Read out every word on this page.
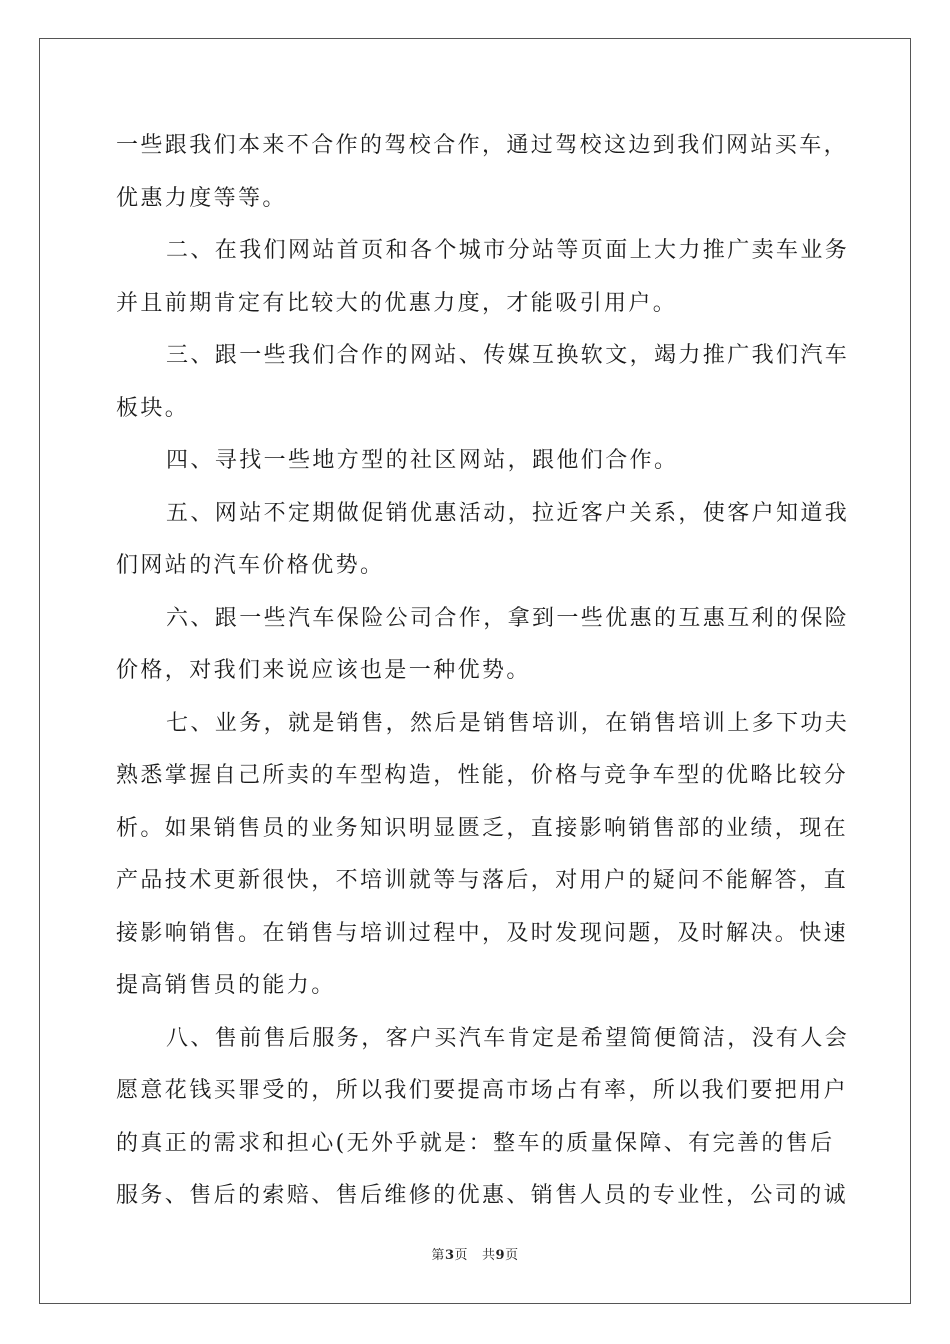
一些跟我们本来不合作的驾校合作，通过驾校这边到我们网站买车，
优惠力度等等。
二、在我们网站首页和各个城市分站等页面上大力推广卖车业务
并且前期肯定有比较大的优惠力度，才能吸引用户。
三、跟一些我们合作的网站、传媒互换软文，竭力推广我们汽车
板块。
四、寻找一些地方型的社区网站，跟他们合作。
五、网站不定期做促销优惠活动，拉近客户关系，使客户知道我
们网站的汽车价格优势。
六、跟一些汽车保险公司合作，拿到一些优惠的互惠互利的保险
价格，对我们来说应该也是一种优势。
七、业务，就是销售，然后是销售培训，在销售培训上多下功夫
熟悉掌握自己所卖的车型构造，性能，价格与竞争车型的优略比较分
析。如果销售员的业务知识明显匮乏，直接影响销售部的业绩，现在
产品技术更新很快，不培训就等与落后，对用户的疑问不能解答，直
接影响销售。在销售与培训过程中，及时发现问题，及时解决。快速
提高销售员的能力。
八、售前售后服务，客户买汽车肯定是希望简便简洁，没有人会
愿意花钱买罪受的，所以我们要提高市场占有率，所以我们要把用户
的真正的需求和担心(无外乎就是：整车的质量保障、有完善的售后
服务、售后的索赔、售后维修的优惠、销售人员的专业性，公司的诚
第3页 共9页
